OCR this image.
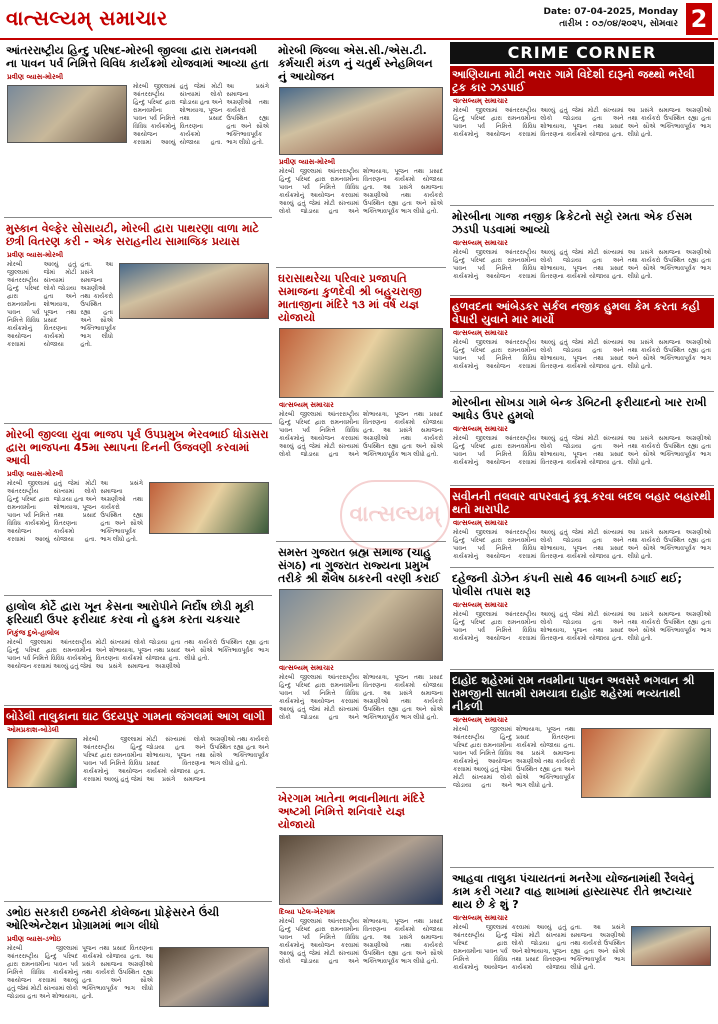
વાત્સલ્યમ્ સમાચાર	Date: 07-04-2025, Monday
તારીખ : ૦૭/૦૪/૨૦૨૫, સોમવાર 2
આંતરરાષ્ટ્રીય હિન્દુ પરિષદ-મોરબી જીલ્લા દ્વારા રામનવમી ના પાવન પર્વ નિમિત્તે વિવિધ કાર્યક્રમો યોજવામાં આવ્યા હતા
પ્રવીણ વ્યાસ-મોરબી
મોરબી જીલ્લામાં આંતરરાષ્ટ્રીય હિન્દુ પરિષદ દ્વારા રામનવમીના પાવન પર્વ નિમિત્તે વિવિધ કાર્યક્રમોનું આયોજન કરવામાં આવ્યું હતું જેમાં મોટી સંખ્યામાં લોકો જોડાયા હતા અને શોભાયાત્રા, પૂજન તથા પ્રસાદ વિતરણના કાર્યક્રમો યોજાયા હતા. આ પ્રસંગે સમાજના અગ્રણીઓ તથા કાર્યકરો ઉપસ્થિત રહ્યા હતા અને સૌએ ભક્તિભાવપૂર્વક ભાગ લીધો હતો.
મુસ્કાન વેલ્ફેર સોસાયટી, મોરબી દ્વારા પાથરણા વાળા માટે છત્રી વિતરણ કરી - એક સરાહનીય સામાજિક પ્રયાસ
પ્રવીણ વ્યાસ-મોરબી
મોરબી જીલ્લામાં આંતરરાષ્ટ્રીય હિન્દુ પરિષદ દ્વારા રામનવમીના પાવન પર્વ નિમિત્તે વિવિધ કાર્યક્રમોનું આયોજન કરવામાં આવ્યું હતું જેમાં મોટી સંખ્યામાં લોકો જોડાયા હતા અને શોભાયાત્રા, પૂજન તથા પ્રસાદ વિતરણના કાર્યક્રમો યોજાયા હતા. આ પ્રસંગે સમાજના અગ્રણીઓ તથા કાર્યકરો ઉપસ્થિત રહ્યા હતા અને સૌએ ભક્તિભાવપૂર્વક ભાગ લીધો હતો.
મોરબી જીલ્લા યુવા ભાજપ પૂર્વ ઉપપ્રમુખ ભેરવભાઈ ધોડાસરા દ્વારા ભાજપના 45મા સ્થાપના દિનની ઉજવણી કરવામાં આવી
પ્રવીણ વ્યાસ-મોરબી
મોરબી જીલ્લામાં આંતરરાષ્ટ્રીય હિન્દુ પરિષદ દ્વારા રામનવમીના પાવન પર્વ નિમિત્તે વિવિધ કાર્યક્રમોનું આયોજન કરવામાં આવ્યું હતું જેમાં મોટી સંખ્યામાં લોકો જોડાયા હતા અને શોભાયાત્રા, પૂજન તથા પ્રસાદ વિતરણના કાર્યક્રમો યોજાયા હતા. આ પ્રસંગે સમાજના અગ્રણીઓ તથા કાર્યકરો ઉપસ્થિત રહ્યા હતા અને સૌએ ભક્તિભાવપૂર્વક ભાગ લીધો હતો.
હાલોલ કોર્ટે દ્વારા ખૂન કેસના આરોપીને નિર્દોષ છોડી મૂકી ફરિયાદી ઉપર ફરીયાદ કરવા નો હુકમ કરતા ચકચાર
નિકુંજ દુબે-હાલોલ
મોરબી જીલ્લામાં આંતરરાષ્ટ્રીય હિન્દુ પરિષદ દ્વારા રામનવમીના પાવન પર્વ નિમિત્તે વિવિધ કાર્યક્રમોનું આયોજન કરવામાં આવ્યું હતું જેમાં મોટી સંખ્યામાં લોકો જોડાયા હતા અને શોભાયાત્રા, પૂજન તથા પ્રસાદ વિતરણના કાર્યક્રમો યોજાયા હતા. આ પ્રસંગે સમાજના અગ્રણીઓ તથા કાર્યકરો ઉપસ્થિત રહ્યા હતા અને સૌએ ભક્તિભાવપૂર્વક ભાગ લીધો હતો.
બોડેલી તાલુકાના ઘાટ ઉદયપુર ગામના જંગલમાં આગ લાગી
ઓમપ્રકાશ-બોડેલી
મોરબી જીલ્લામાં આંતરરાષ્ટ્રીય હિન્દુ પરિષદ દ્વારા રામનવમીના પાવન પર્વ નિમિત્તે વિવિધ કાર્યક્રમોનું આયોજન કરવામાં આવ્યું હતું જેમાં મોટી સંખ્યામાં લોકો જોડાયા હતા અને શોભાયાત્રા, પૂજન તથા પ્રસાદ વિતરણના કાર્યક્રમો યોજાયા હતા. આ પ્રસંગે સમાજના અગ્રણીઓ તથા કાર્યકરો ઉપસ્થિત રહ્યા હતા અને સૌએ ભક્તિભાવપૂર્વક ભાગ લીધો હતો.
ડભોઇ સરકારી ઇજનેરી કોલેજના પ્રોફેસરને ઉંચી ઓરિએન્ટેશન પ્રોગ્રામમાં ભાગ લીધો
પ્રવીણ વ્યાસ-ડભોઇ
મોરબી જીલ્લામાં આંતરરાષ્ટ્રીય હિન્દુ પરિષદ દ્વારા રામનવમીના પાવન પર્વ નિમિત્તે વિવિધ કાર્યક્રમોનું આયોજન કરવામાં આવ્યું હતું જેમાં મોટી સંખ્યામાં લોકો જોડાયા હતા અને શોભાયાત્રા, પૂજન તથા પ્રસાદ વિતરણના કાર્યક્રમો યોજાયા હતા. આ પ્રસંગે સમાજના અગ્રણીઓ તથા કાર્યકરો ઉપસ્થિત રહ્યા હતા અને સૌએ ભક્તિભાવપૂર્વક ભાગ લીધો હતો.
મોરબી જિલ્લા એસ.સી./એસ.ટી. કર્મચારી મંડળ નું ચતુર્થ સ્નેહમિલન નું આયોજન
પ્રવીણ વ્યાસ-મોરબી
મોરબી જીલ્લામાં આંતરરાષ્ટ્રીય હિન્દુ પરિષદ દ્વારા રામનવમીના પાવન પર્વ નિમિત્તે વિવિધ કાર્યક્રમોનું આયોજન કરવામાં આવ્યું હતું જેમાં મોટી સંખ્યામાં લોકો જોડાયા હતા અને શોભાયાત્રા, પૂજન તથા પ્રસાદ વિતરણના કાર્યક્રમો યોજાયા હતા. આ પ્રસંગે સમાજના અગ્રણીઓ તથા કાર્યકરો ઉપસ્થિત રહ્યા હતા અને સૌએ ભક્તિભાવપૂર્વક ભાગ લીધો હતો.
ઘરાસાથરેચા પરિવાર પ્રજાપતિ સમાજના કુળદેવી શ્રી બહુચરાજી માતાજીના મંદિરે ૧૩ માં વર્ષ યજ્ઞ યોજાયો
વાત્સલ્યમ્ સમાચાર
મોરબી જીલ્લામાં આંતરરાષ્ટ્રીય હિન્દુ પરિષદ દ્વારા રામનવમીના પાવન પર્વ નિમિત્તે વિવિધ કાર્યક્રમોનું આયોજન કરવામાં આવ્યું હતું જેમાં મોટી સંખ્યામાં લોકો જોડાયા હતા અને શોભાયાત્રા, પૂજન તથા પ્રસાદ વિતરણના કાર્યક્રમો યોજાયા હતા. આ પ્રસંગે સમાજના અગ્રણીઓ તથા કાર્યકરો ઉપસ્થિત રહ્યા હતા અને સૌએ ભક્તિભાવપૂર્વક ભાગ લીધો હતો.
સમસ્ત ગુજરાત બ્રહ્મ સમાજ (ચાહુ સંગઠ) ના ગુજરાત રાજ્યના પ્રમુખ તરીકે શ્રી શૈલેષ ઠાકરની વરણી કરાઈ
વાત્સલ્યમ્ સમાચાર
મોરબી જીલ્લામાં આંતરરાષ્ટ્રીય હિન્દુ પરિષદ દ્વારા રામનવમીના પાવન પર્વ નિમિત્તે વિવિધ કાર્યક્રમોનું આયોજન કરવામાં આવ્યું હતું જેમાં મોટી સંખ્યામાં લોકો જોડાયા હતા અને શોભાયાત્રા, પૂજન તથા પ્રસાદ વિતરણના કાર્યક્રમો યોજાયા હતા. આ પ્રસંગે સમાજના અગ્રણીઓ તથા કાર્યકરો ઉપસ્થિત રહ્યા હતા અને સૌએ ભક્તિભાવપૂર્વક ભાગ લીધો હતો.
ખેરગામ ખાતેના ભવાનીમાતા મંદિરે અષ્ટમી નિમિત્તે શનિવારે યજ્ઞ યોજાયો
દિવ્યા પટેલ-ખેરગામ
મોરબી જીલ્લામાં આંતરરાષ્ટ્રીય હિન્દુ પરિષદ દ્વારા રામનવમીના પાવન પર્વ નિમિત્તે વિવિધ કાર્યક્રમોનું આયોજન કરવામાં આવ્યું હતું જેમાં મોટી સંખ્યામાં લોકો જોડાયા હતા અને શોભાયાત્રા, પૂજન તથા પ્રસાદ વિતરણના કાર્યક્રમો યોજાયા હતા. આ પ્રસંગે સમાજના અગ્રણીઓ તથા કાર્યકરો ઉપસ્થિત રહ્યા હતા અને સૌએ ભક્તિભાવપૂર્વક ભાગ લીધો હતો.
CRIME CORNER
આણિયાના મોટી ભરાર ગામે વિદેશી દારૂનો જથ્થો ભરેલી ટ્રક કાર ઝડપાઈ
વાત્સલ્યમ્ સમાચાર
મોરબી જીલ્લામાં આંતરરાષ્ટ્રીય હિન્દુ પરિષદ દ્વારા રામનવમીના પાવન પર્વ નિમિત્તે વિવિધ કાર્યક્રમોનું આયોજન કરવામાં આવ્યું હતું જેમાં મોટી સંખ્યામાં લોકો જોડાયા હતા અને શોભાયાત્રા, પૂજન તથા પ્રસાદ વિતરણના કાર્યક્રમો યોજાયા હતા. આ પ્રસંગે સમાજના અગ્રણીઓ તથા કાર્યકરો ઉપસ્થિત રહ્યા હતા અને સૌએ ભક્તિભાવપૂર્વક ભાગ લીધો હતો.
મોરબીના ગાજા નજીક ક્રિકેટનો સટ્ટો રમતા એક ઈસમ ઝડપી પડવામાં આવ્યો
વાત્સલ્યમ્ સમાચાર
મોરબી જીલ્લામાં આંતરરાષ્ટ્રીય હિન્દુ પરિષદ દ્વારા રામનવમીના પાવન પર્વ નિમિત્તે વિવિધ કાર્યક્રમોનું આયોજન કરવામાં આવ્યું હતું જેમાં મોટી સંખ્યામાં લોકો જોડાયા હતા અને શોભાયાત્રા, પૂજન તથા પ્રસાદ વિતરણના કાર્યક્રમો યોજાયા હતા. આ પ્રસંગે સમાજના અગ્રણીઓ તથા કાર્યકરો ઉપસ્થિત રહ્યા હતા અને સૌએ ભક્તિભાવપૂર્વક ભાગ લીધો હતો.
હળવદના આંબેડકર સર્કલ નજીક હુમલા કેમ કરતા કહી વેપારી યુવાને માર માર્યો
વાત્સલ્યમ્ સમાચાર
મોરબી જીલ્લામાં આંતરરાષ્ટ્રીય હિન્દુ પરિષદ દ્વારા રામનવમીના પાવન પર્વ નિમિત્તે વિવિધ કાર્યક્રમોનું આયોજન કરવામાં આવ્યું હતું જેમાં મોટી સંખ્યામાં લોકો જોડાયા હતા અને શોભાયાત્રા, પૂજન તથા પ્રસાદ વિતરણના કાર્યક્રમો યોજાયા હતા. આ પ્રસંગે સમાજના અગ્રણીઓ તથા કાર્યકરો ઉપસ્થિત રહ્યા હતા અને સૌએ ભક્તિભાવપૂર્વક ભાગ લીધો હતો.
મોરબીના સોખડા ગામે બેન્ક ડેબિટની ફરીયાદનો ખાર રાખી આધેડ ઉપર હુમલો
વાત્સલ્યમ્ સમાચાર
મોરબી જીલ્લામાં આંતરરાષ્ટ્રીય હિન્દુ પરિષદ દ્વારા રામનવમીના પાવન પર્વ નિમિત્તે વિવિધ કાર્યક્રમોનું આયોજન કરવામાં આવ્યું હતું જેમાં મોટી સંખ્યામાં લોકો જોડાયા હતા અને શોભાયાત્રા, પૂજન તથા પ્રસાદ વિતરણના કાર્યક્રમો યોજાયા હતા. આ પ્રસંગે સમાજના અગ્રણીઓ તથા કાર્યકરો ઉપસ્થિત રહ્યા હતા અને સૌએ ભક્તિભાવપૂર્વક ભાગ લીધો હતો.
સવીનની તલવાર વાપરવાનું કૂવૂ કરવા બદલ બહાર બહારથી થતો મારાપીટ
વાત્સલ્યમ્ સમાચાર
મોરબી જીલ્લામાં આંતરરાષ્ટ્રીય હિન્દુ પરિષદ દ્વારા રામનવમીના પાવન પર્વ નિમિત્તે વિવિધ કાર્યક્રમોનું આયોજન કરવામાં આવ્યું હતું જેમાં મોટી સંખ્યામાં લોકો જોડાયા હતા અને શોભાયાત્રા, પૂજન તથા પ્રસાદ વિતરણના કાર્યક્રમો યોજાયા હતા. આ પ્રસંગે સમાજના અગ્રણીઓ તથા કાર્યકરો ઉપસ્થિત રહ્યા હતા અને સૌએ ભક્તિભાવપૂર્વક ભાગ લીધો હતો.
દહેજની ડોઝેન કંપની સાથે 46 લાખની ઠગાઈ થઈ; પોલીસ તપાસ શરૂ
વાત્સલ્યમ્ સમાચાર
મોરબી જીલ્લામાં આંતરરાષ્ટ્રીય હિન્દુ પરિષદ દ્વારા રામનવમીના પાવન પર્વ નિમિત્તે વિવિધ કાર્યક્રમોનું આયોજન કરવામાં આવ્યું હતું જેમાં મોટી સંખ્યામાં લોકો જોડાયા હતા અને શોભાયાત્રા, પૂજન તથા પ્રસાદ વિતરણના કાર્યક્રમો યોજાયા હતા. આ પ્રસંગે સમાજના અગ્રણીઓ તથા કાર્યકરો ઉપસ્થિત રહ્યા હતા અને સૌએ ભક્તિભાવપૂર્વક ભાગ લીધો હતો.
દાહોદ શહેરમાં રામ નવમીના પાવન અવસરે ભગવાન શ્રી રામજીની સાતમી રામયાત્રા દાહોદ શહેરમાં ભવ્યતાથી નીકળી
વાત્સલ્યમ્ સમાચાર
મોરબી જીલ્લામાં આંતરરાષ્ટ્રીય હિન્દુ પરિષદ દ્વારા રામનવમીના પાવન પર્વ નિમિત્તે વિવિધ કાર્યક્રમોનું આયોજન કરવામાં આવ્યું હતું જેમાં મોટી સંખ્યામાં લોકો જોડાયા હતા અને શોભાયાત્રા, પૂજન તથા પ્રસાદ વિતરણના કાર્યક્રમો યોજાયા હતા. આ પ્રસંગે સમાજના અગ્રણીઓ તથા કાર્યકરો ઉપસ્થિત રહ્યા હતા અને સૌએ ભક્તિભાવપૂર્વક ભાગ લીધો હતો.
આહવા તાલુકા પંચાયતનાં મનરેગા યોજનામાંથી રૈલવેનું કામ કરી ગયા? વાહ શાખામાં હાસ્યાસ્પદ રીતે ભ્રષ્ટાચાર થાય છે કે શું ?
વાત્સલ્યમ્ સમાચાર
મોરબી જીલ્લામાં આંતરરાષ્ટ્રીય હિન્દુ પરિષદ દ્વારા રામનવમીના પાવન પર્વ નિમિત્તે વિવિધ કાર્યક્રમોનું આયોજન કરવામાં આવ્યું હતું જેમાં મોટી સંખ્યામાં લોકો જોડાયા હતા અને શોભાયાત્રા, પૂજન તથા પ્રસાદ વિતરણના કાર્યક્રમો યોજાયા હતા. આ પ્રસંગે સમાજના અગ્રણીઓ તથા કાર્યકરો ઉપસ્થિત રહ્યા હતા અને સૌએ ભક્તિભાવપૂર્વક ભાગ લીધો હતો.
વાત્સલ્યમ્
